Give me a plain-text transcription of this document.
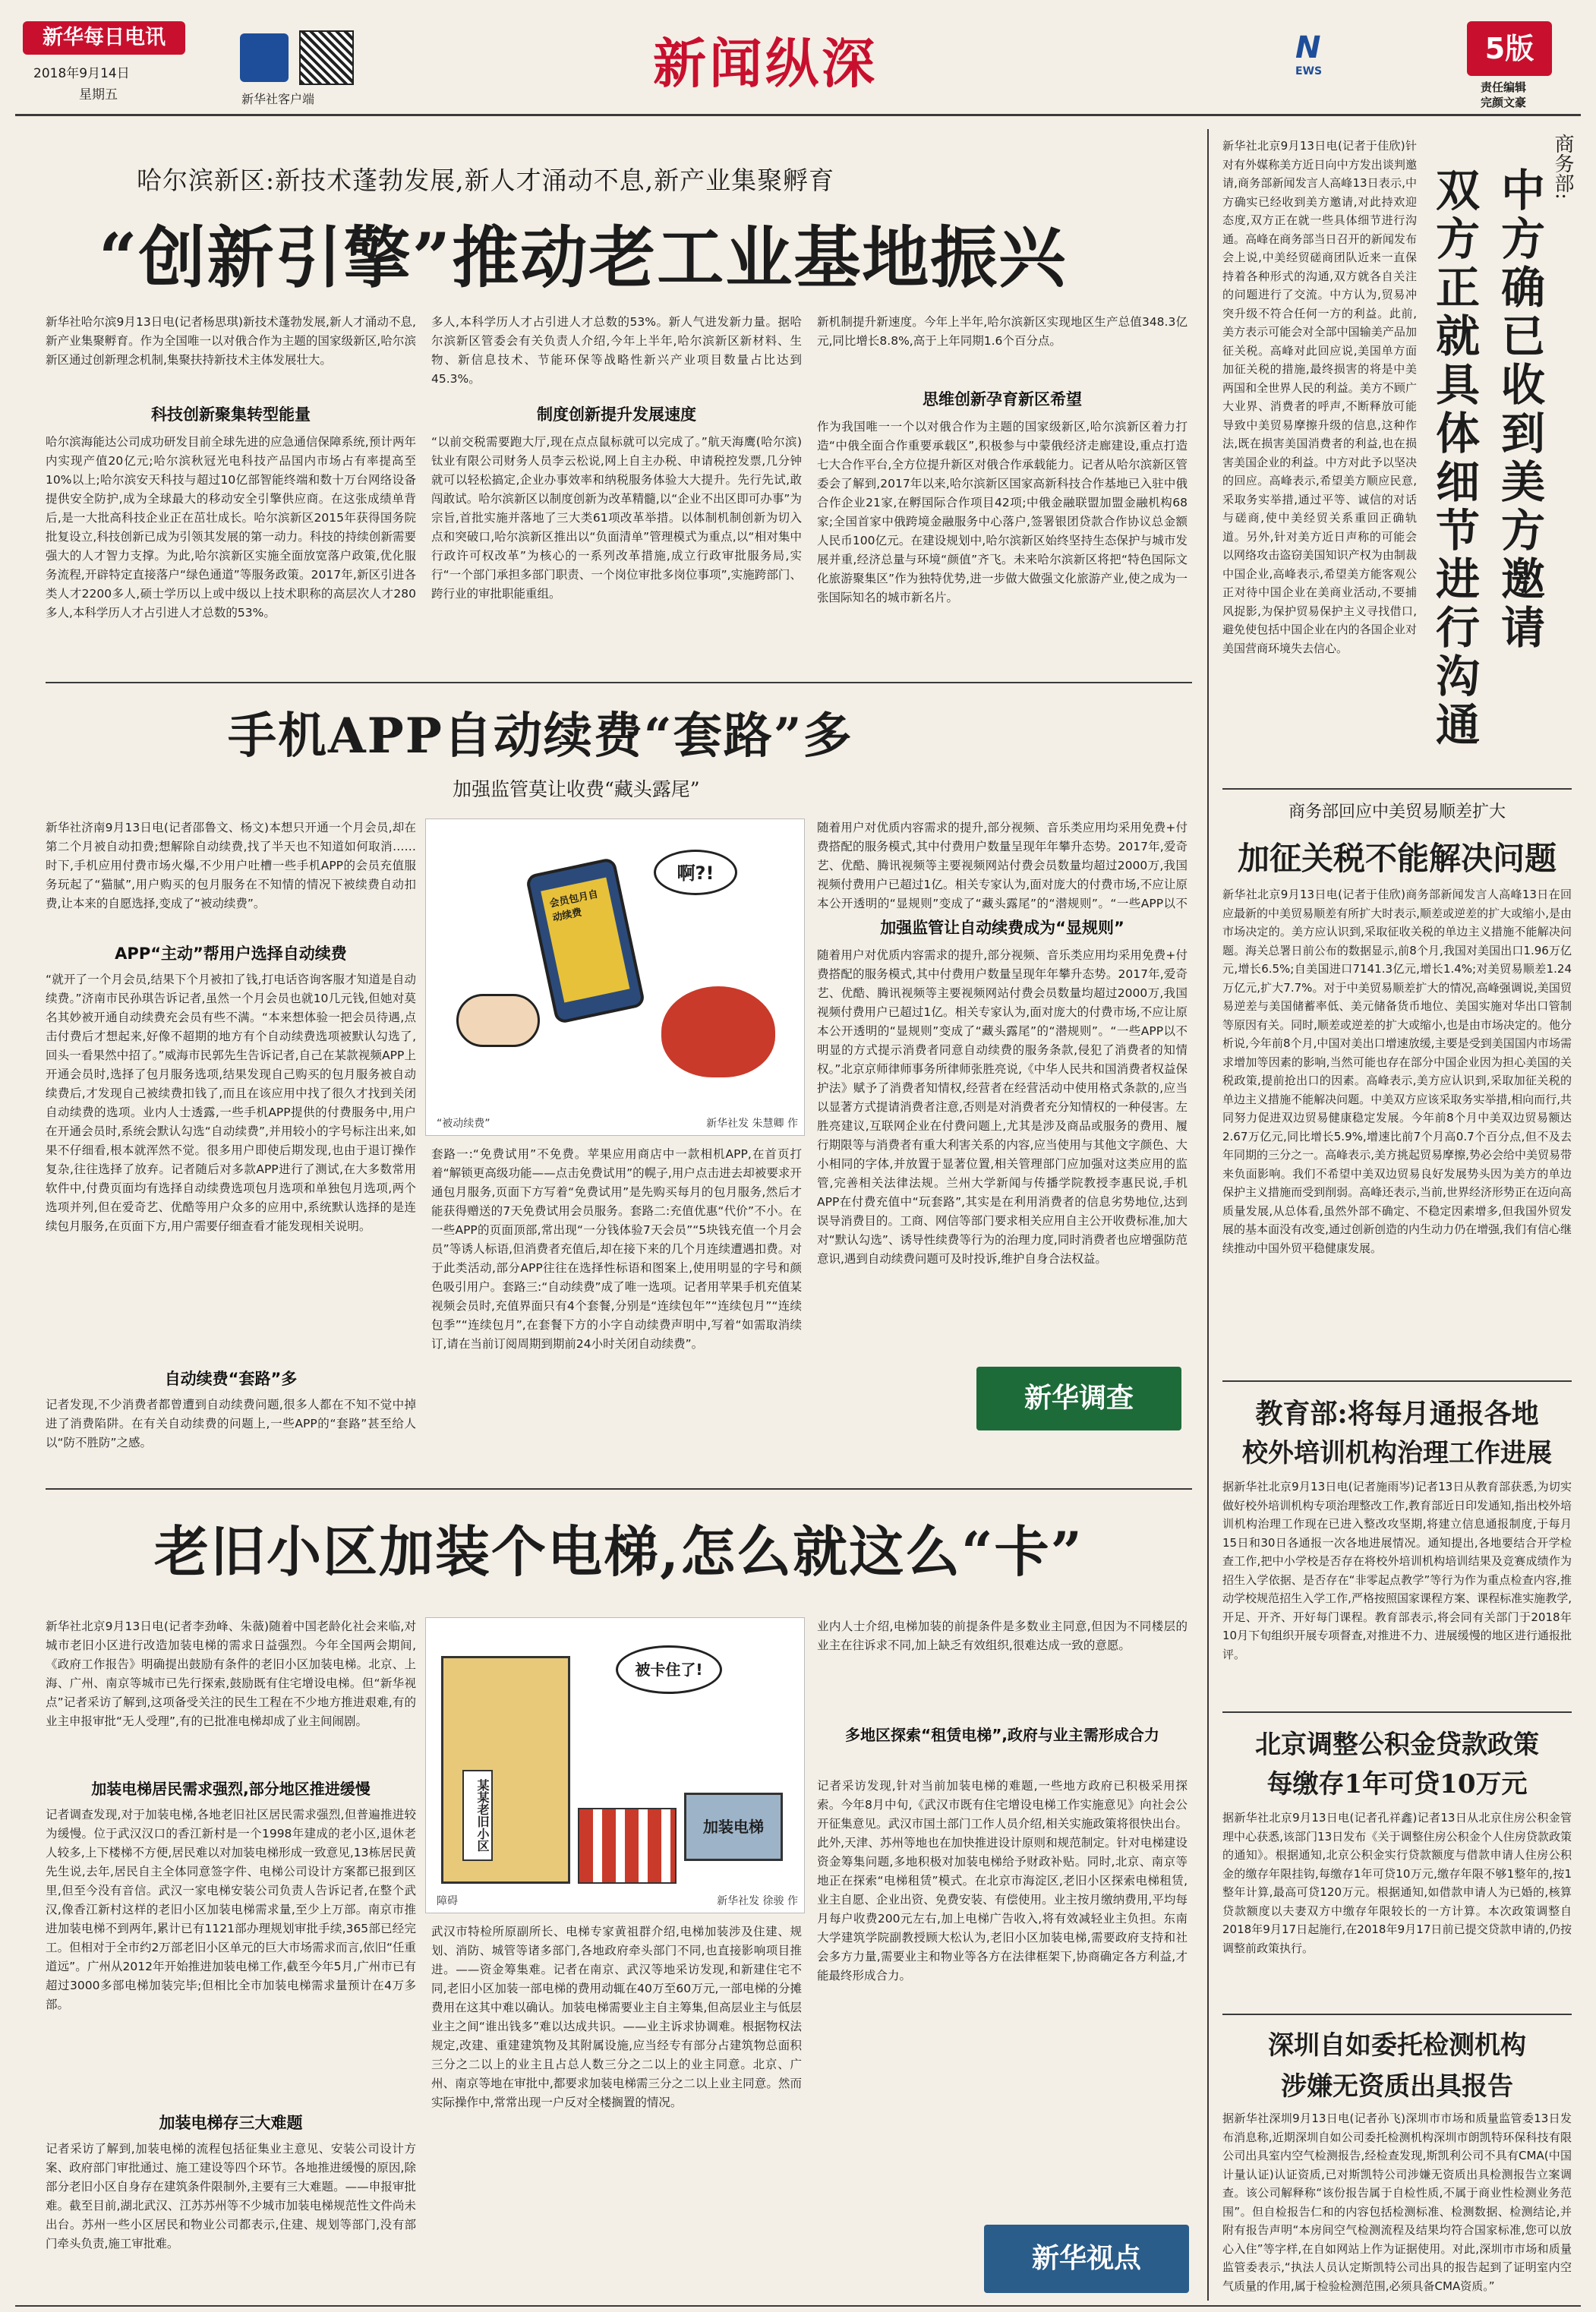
新华每日电讯
2018年9月14日
星期五	新华社客户端
新闻纵深	N
EWS
5版
责任编辑
完颜文豪
哈尔滨新区:新技术蓬勃发展,新人才涌动不息,新产业集聚孵育
“创新引擎”推动老工业基地振兴
新华社哈尔滨9月13日电(记者杨思琪)新技术蓬勃发展,新人才涌动不息,新产业集聚孵育。作为全国唯一以对俄合作为主题的国家级新区,哈尔滨新区通过创新理念机制,集聚扶持新技术主体发展壮大。
科技创新聚集转型能量
哈尔滨海能达公司成功研发目前全球先进的应急通信保障系统,预计两年内实现产值20亿元;哈尔滨秋冠光电科技产品国内市场占有率提高至10%以上;哈尔滨安天科技与超过10亿部智能终端和数十万台网络设备提供安全防护,成为全球最大的移动安全引擎供应商。在这张成绩单背后,是一大批高科技企业正在茁壮成长。哈尔滨新区2015年获得国务院批复设立,科技创新已成为引领其发展的第一动力。科技的持续创新需要强大的人才智力支撑。为此,哈尔滨新区实施全面放宽落户政策,优化服务流程,开辟特定直接落户“绿色通道”等服务政策。2017年,新区引进各类人才2200多人,硕士学历以上或中级以上技术职称的高层次人才280多人,本科学历人才占引进人才总数的53%。
多人,本科学历人才占引进人才总数的53%。新人气进发新力量。据哈尔滨新区管委会有关负责人介绍,今年上半年,哈尔滨新区新材料、生物、新信息技术、节能环保等战略性新兴产业项目数量占比达到45.3%。
制度创新提升发展速度
“以前交税需要跑大厅,现在点点鼠标就可以完成了。”航天海鹰(哈尔滨)钛业有限公司财务人员李云松说,网上自主办税、申请税控发票,几分钟就可以轻松搞定,企业办事效率和纳税服务体验大大提升。先行先试,敢闯敢试。哈尔滨新区以制度创新为改革精髓,以“企业不出区即可办事”为宗旨,首批实施并落地了三大类61项改革举措。以体制机制创新为切入点和突破口,哈尔滨新区推出以“负面清单”管理模式为重点,以“相对集中行政许可权改革”为核心的一系列改革措施,成立行政审批服务局,实行“一个部门承担多部门职责、一个岗位审批多岗位事项”,实施跨部门、跨行业的审批职能重组。
新机制提升新速度。今年上半年,哈尔滨新区实现地区生产总值348.3亿元,同比增长8.8%,高于上年同期1.6个百分点。
思维创新孕育新区希望
作为我国唯一一个以对俄合作为主题的国家级新区,哈尔滨新区着力打造“中俄全面合作重要承载区”,积极参与中蒙俄经济走廊建设,重点打造七大合作平台,全方位提升新区对俄合作承载能力。记者从哈尔滨新区管委会了解到,2017年以来,哈尔滨新区国家高新科技合作基地已入驻中俄合作企业21家,在孵国际合作项目42项;中俄金融联盟加盟金融机构68家;全国首家中俄跨境金融服务中心落户,签署银团贷款合作协议总金额人民币100亿元。在建设规划中,哈尔滨新区始终坚持生态保护与城市发展并重,经济总量与环境“颜值”齐飞。未来哈尔滨新区将把“特色国际文化旅游聚集区”作为独特优势,进一步做大做强文化旅游产业,使之成为一张国际知名的城市新名片。
商务部:
中方确已收到美方邀请
双方正就具体细节进行沟通
新华社北京9月13日电(记者于佳欣)针对有外媒称美方近日向中方发出谈判邀请,商务部新闻发言人高峰13日表示,中方确实已经收到美方邀请,对此持欢迎态度,双方正在就一些具体细节进行沟通。高峰在商务部当日召开的新闻发布会上说,中美经贸磋商团队近来一直保持着各种形式的沟通,双方就各自关注的问题进行了交流。中方认为,贸易冲突升级不符合任何一方的利益。此前,美方表示可能会对全部中国输美产品加征关税。高峰对此回应说,美国单方面加征关税的措施,最终损害的将是中美两国和全世界人民的利益。美方不顾广大业界、消费者的呼声,不断释放可能导致中美贸易摩擦升级的信息,这种作法,既在损害美国消费者的利益,也在损害美国企业的利益。中方对此予以坚决的回应。高峰表示,希望美方顺应民意,采取务实举措,通过平等、诚信的对话与磋商,使中美经贸关系重回正确轨道。另外,针对美方近日声称的可能会以网络攻击盗窃美国知识产权为由制裁中国企业,高峰表示,希望美方能客观公正对待中国企业在美商业活动,不要捕风捉影,为保护贸易保护主义寻找借口,避免使包括中国企业在内的各国企业对美国营商环境失去信心。
商务部回应中美贸易顺差扩大
加征关税不能解决问题
新华社北京9月13日电(记者于佳欣)商务部新闻发言人高峰13日在回应最新的中美贸易顺差有所扩大时表示,顺差或逆差的扩大或缩小,是由市场决定的。美方应认识到,采取征收关税的单边主义措施不能解决问题。海关总署日前公布的数据显示,前8个月,我国对美国出口1.96万亿元,增长6.5%;自美国进口7141.3亿元,增长1.4%;对美贸易顺差1.24万亿元,扩大7.7%。对于中美贸易顺差扩大的情况,高峰强调说,美国贸易逆差与美国储蓄率低、美元储备货币地位、美国实施对华出口管制等原因有关。同时,顺差或逆差的扩大或缩小,也是由市场决定的。他分析说,今年前8个月,中国对美出口增速放缓,主要是受到美国国内市场需求增加等因素的影响,当然可能也存在部分中国企业因为担心美国的关税政策,提前抢出口的因素。高峰表示,美方应认识到,采取加征关税的单边主义措施不能解决问题。中美双方应该采取务实举措,相向而行,共同努力促进双边贸易健康稳定发展。今年前8个月中美双边贸易额达2.67万亿元,同比增长5.9%,增速比前7个月高0.7个百分点,但不及去年同期的三分之一。高峰表示,美方挑起贸易摩擦,势必会给中美贸易带来负面影响。我们不希望中美双边贸易良好发展势头因为美方的单边保护主义措施而受到削弱。高峰还表示,当前,世界经济形势正在迈向高质量发展,从总体看,虽然外部不确定、不稳定因素增多,但我国外贸发展的基本面没有改变,通过创新创造的内生动力仍在增强,我们有信心继续推动中国外贸平稳健康发展。
手机APP自动续费“套路”多
加强监管莫让收费“藏头露尾”
新华社济南9月13日电(记者邵鲁文、杨文)本想只开通一个月会员,却在第二个月被自动扣费;想解除自动续费,找了半天也不知道如何取消……时下,手机应用付费市场火爆,不少用户吐槽一些手机APP的会员充值服务玩起了“猫腻”,用户购买的包月服务在不知情的情况下被续费自动扣费,让本来的自愿选择,变成了“被动续费”。
APP“主动”帮用户选择自动续费
“就开了一个月会员,结果下个月被扣了钱,打电话咨询客服才知道是自动续费。”济南市民孙琪告诉记者,虽然一个月会员也就10几元钱,但她对莫名其妙被开通自动续费充会员有些不满。“本来想体验一把会员待遇,点击付费后才想起来,好像不超期的地方有个自动续费选项被默认勾选了,回头一看果然中招了。”威海市民郭先生告诉记者,自己在某款视频APP上开通会员时,选择了包月服务选项,结果发现自己购买的包月服务被自动续费后,才发现自己被续费扣钱了,而且在该应用中找了很久才找到关闭自动续费的选项。业内人士透露,一些手机APP提供的付费服务中,用户在开通会员时,系统会默认勾选“自动续费”,并用较小的字号标注出来,如果不仔细看,根本就浑然不觉。很多用户即使后期发现,也由于退订操作复杂,往往选择了放弃。记者随后对多款APP进行了测试,在大多数常用软件中,付费页面均有选择自动续费选项包月选项和单独包月选项,两个选项并列,但在爱奇艺、优酷等用户众多的应用中,系统默认选择的是连续包月服务,在页面下方,用户需要仔细查看才能发现相关说明。
自动续费“套路”多
记者发现,不少消费者都曾遭到自动续费问题,很多人都在不知不觉中掉进了消费陷阱。在有关自动续费的问题上,一些APP的“套路”甚至给人以“防不胜防”之感。
会员包月自动续费
啊?!
“被动续费”	新华社发 朱慧卿 作
套路一:“免费试用”不免费。苹果应用商店中一款相机APP,在首页打着“解锁更高级功能——点击免费试用”的幌子,用户点击进去却被要求开通包月服务,页面下方写着“免费试用”是先购买每月的包月服务,然后才能获得赠送的7天免费试用会员服务。套路二:充值优惠“代价”不小。在一些APP的页面顶部,常出现“一分钱体验7天会员”“5块钱充值一个月会员”等诱人标语,但消费者充值后,却在接下来的几个月连续遭遇扣费。对于此类活动,部分APP往往在选择性标语和图案上,使用明显的字号和颜色吸引用户。套路三:“自动续费”成了唯一选项。记者用苹果手机充值某视频会员时,充值界面只有4个套餐,分别是“连续包年”“连续包月”“连续包季”“连续包月”,在套餐下方的小字自动续费声明中,写着“如需取消续订,请在当前订阅周期到期前24小时关闭自动续费”。
加强监管让自动续费成为“显规则”
随着用户对优质内容需求的提升,部分视频、音乐类应用均采用免费+付费搭配的服务模式,其中付费用户数量呈现年年攀升态势。2017年,爱奇艺、优酷、腾讯视频等主要视频网站付费会员数量均超过2000万,我国视频付费用户已超过1亿。相关专家认为,面对庞大的付费市场,不应让原本公开透明的“显规则”变成了“藏头露尾”的“潜规则”。“一些APP以不
随着用户对优质内容需求的提升,部分视频、音乐类应用均采用免费+付费搭配的服务模式,其中付费用户数量呈现年年攀升态势。2017年,爱奇艺、优酷、腾讯视频等主要视频网站付费会员数量均超过2000万,我国视频付费用户已超过1亿。相关专家认为,面对庞大的付费市场,不应让原本公开透明的“显规则”变成了“藏头露尾”的“潜规则”。“一些APP以不明显的方式提示消费者同意自动续费的服务条款,侵犯了消费者的知情权。”北京京师律师事务所律师张胜亮说,《中华人民共和国消费者权益保护法》赋予了消费者知情权,经营者在经营活动中使用格式条款的,应当以显著方式提请消费者注意,否则是对消费者充分知情权的一种侵害。左胜亮建议,互联网企业在付费问题上,尤其是涉及商品或服务的费用、履行期限等与消费者有重大利害关系的内容,应当使用与其他文字颜色、大小相同的字体,并放置于显著位置,相关管理部门应加强对这类应用的监管,完善相关法律法规。兰州大学新闻与传播学院教授李惠民说,手机APP在付费充值中“玩套路”,其实是在利用消费者的信息劣势地位,达到误导消费目的。工商、网信等部门要求相关应用自主公开收费标准,加大对“默认勾选”、诱导性续费等行为的治理力度,同时消费者也应增强防范意识,遇到自动续费问题可及时投诉,维护自身合法权益。
新华调查	教育部:将每月通报各地
校外培训机构治理工作进展
据新华社北京9月13日电(记者施雨岑)记者13日从教育部获悉,为切实做好校外培训机构专项治理整改工作,教育部近日印发通知,指出校外培训机构治理工作现在已进入整改攻坚期,将建立信息通报制度,于每月15日和30日各通报一次各地进展情况。通知提出,各地要结合开学检查工作,把中小学校是否存在将校外培训机构培训结果及竞赛成绩作为招生入学依据、是否存在“非零起点教学”等行为作为重点检查内容,推动学校规范招生入学工作,严格按照国家课程方案、课程标准实施教学,开足、开齐、开好每门课程。教育部表示,将会同有关部门于2018年10月下旬组织开展专项督查,对推进不力、进展缓慢的地区进行通报批评。
北京调整公积金贷款政策
每缴存1年可贷10万元
据新华社北京9月13日电(记者孔祥鑫)记者13日从北京住房公积金管理中心获悉,该部门13日发布《关于调整住房公积金个人住房贷款政策的通知》。根据通知,北京公积金实行贷款额度与借款申请人住房公积金的缴存年限挂钩,每缴存1年可贷10万元,缴存年限不够1整年的,按1整年计算,最高可贷120万元。根据通知,如借款申请人为已婚的,核算贷款额度以夫妻双方中缴存年限较长的一方计算。本次政策调整自2018年9月17日起施行,在2018年9月17日前已提交贷款申请的,仍按调整前政策执行。
深圳自如委托检测机构
涉嫌无资质出具报告
据新华社深圳9月13日电(记者孙飞)深圳市市场和质量监管委13日发布消息称,近期深圳自如公司委托检测机构深圳市朗凯特环保科技有限公司出具室内空气检测报告,经检查发现,斯凯利公司不具有CMA(中国计量认证)认证资质,已对斯凯特公司涉嫌无资质出具检测报告立案调查。该公司解释称“该份报告属于自检性质,不属于商业性检测业务范围”。但自检报告仁和的内容包括检测标准、检测数据、检测结论,并附有报告声明“本房间空气检测流程及结果均符合国家标准,您可以放心入住”等字样,在自如网站上作为证据使用。对此,深圳市市场和质量监管委表示,“执法人员认定斯凯特公司出具的报告起到了证明室内空气质量的作用,属于检验检测范围,必须具备CMA资质。”
老旧小区加装个电梯,怎么就这么“卡”
新华社北京9月13日电(记者李劲峰、朱薇)随着中国老龄化社会来临,对城市老旧小区进行改造加装电梯的需求日益强烈。今年全国两会期间,《政府工作报告》明确提出鼓励有条件的老旧小区加装电梯。北京、上海、广州、南京等城市已先行探索,鼓励既有住宅增设电梯。但“新华视点”记者采访了解到,这项备受关注的民生工程在不少地方推进艰难,有的业主申报审批“无人受理”,有的已批准电梯却成了业主间闹剧。
加装电梯居民需求强烈,部分地区推进缓慢
记者调查发现,对于加装电梯,各地老旧社区居民需求强烈,但普遍推进较为缓慢。位于武汉汉口的香江新村是一个1998年建成的老小区,退休老人较多,上下楼梯不方便,居民难以对加装电梯形成一致意见,13栋居民黄先生说,去年,居民自主全体同意签字件、电梯公司设计方案都已报到区里,但至今没有音信。武汉一家电梯安装公司负责人告诉记者,在整个武汉,像香江新村这样的老旧小区加装电梯需求量,至少上万部。南京市推进加装电梯不到两年,累计已有1121部办理规划审批手续,365部已经完工。但相对于全市约2万部老旧小区单元的巨大市场需求而言,依旧“任重道远”。广州从2012年开始推进加装电梯工作,截至今年5月,广州市已有超过3000多部电梯加装完毕;但相比全市加装电梯需求量预计在4万多部。
加装电梯存三大难题
记者采访了解到,加装电梯的流程包括征集业主意见、安装公司设计方案、政府部门审批通过、施工建设等四个环节。各地推进缓慢的原因,除部分老旧小区自身存在建筑条件限制外,主要有三大难题。——申报审批难。截至目前,湖北武汉、江苏苏州等不少城市加装电梯规范性文件尚未出台。苏州一些小区居民和物业公司都表示,住建、规划等部门,没有部门牵头负责,施工审批难。
某某老旧小区	加装电梯
被卡住了!
障碍	新华社发 徐骏 作
武汉市特检所原副所长、电梯专家黄祖群介绍,电梯加装涉及住建、规划、消防、城管等诸多部门,各地政府牵头部门不同,也直接影响项目推进。——资金筹集难。记者在南京、武汉等地采访发现,和新建住宅不同,老旧小区加装一部电梯的费用动辄在40万至60万元,一部电梯的分摊费用在这其中难以确认。加装电梯需要业主自主筹集,但高层业主与低层业主之间“谁出钱多”难以达成共识。——业主诉求协调难。根据物权法规定,改建、重建建筑物及其附属设施,应当经专有部分占建筑物总面积三分之二以上的业主且占总人数三分之二以上的业主同意。北京、广州、南京等地在审批中,都要求加装电梯需三分之二以上业主同意。然而实际操作中,常常出现一户反对全楼搁置的情况。
业内人士介绍,电梯加装的前提条件是多数业主同意,但因为不同楼层的业主在往诉求不同,加上缺乏有效组织,很难达成一致的意愿。
多地区探索“租赁电梯”,政府与业主需形成合力
记者采访发现,针对当前加装电梯的难题,一些地方政府已积极采用探索。今年8月中旬,《武汉市既有住宅增设电梯工作实施意见》向社会公开征集意见。武汉市国土部门工作人员介绍,相关实施政策将很快出台。此外,天津、苏州等地也在加快推进设计原则和规范制定。针对电梯建设资金筹集问题,多地积极对加装电梯给予财政补贴。同时,北京、南京等地正在探索“电梯租赁”模式。在北京市海淀区,老旧小区探索电梯租赁,业主自愿、企业出资、免费安装、有偿使用。业主按月缴纳费用,平均每月每户收费200元左右,加上电梯广告收入,将有效减轻业主负担。东南大学建筑学院副教授顾大松认为,老旧小区加装电梯,需要政府支持和社会多方力量,需要业主和物业等各方在法律框架下,协商确定各方利益,才能最终形成合力。
新华视点
